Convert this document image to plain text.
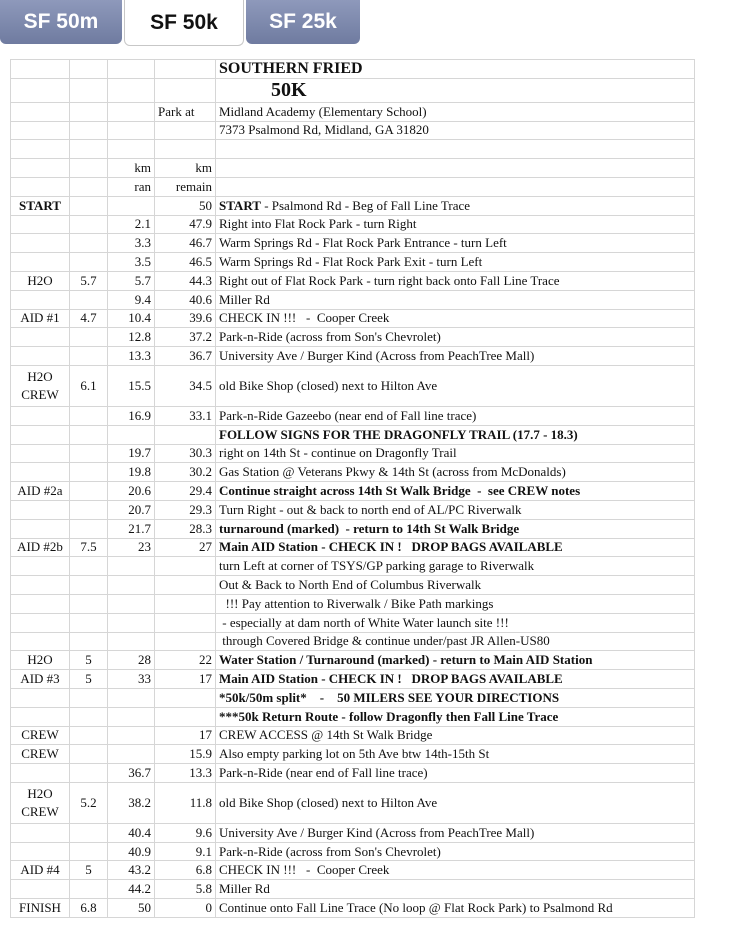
SF 50m	SF 50k	SF 25k
				SOUTHERN FRIED
				50K
			Park at	Midland Academy (Elementary School)
				7373 Psalmond Rd, Midland, GA 31820

		km	km	
		ran	remain	
START			50	START - Psalmond Rd - Beg of Fall Line Trace
		2.1	47.9	Right into Flat Rock Park - turn Right
		3.3	46.7	Warm Springs Rd - Flat Rock Park Entrance - turn Left
		3.5	46.5	Warm Springs Rd - Flat Rock Park Exit - turn Left
H2O	5.7	5.7	44.3	Right out of Flat Rock Park - turn right back onto Fall Line Trace
		9.4	40.6	Miller Rd
AID #1	4.7	10.4	39.6	CHECK IN !!!   -  Cooper Creek
		12.8	37.2	Park-n-Ride (across from Son's Chevrolet)
		13.3	36.7	University Ave / Burger Kind (Across from PeachTree Mall)
H2O CREW	6.1	15.5	34.5	old Bike Shop (closed) next to Hilton Ave
		16.9	33.1	Park-n-Ride Gazeebo (near end of Fall line trace)
				FOLLOW SIGNS FOR THE DRAGONFLY TRAIL (17.7 - 18.3)
		19.7	30.3	right on 14th St - continue on Dragonfly Trail
		19.8	30.2	Gas Station @ Veterans Pkwy & 14th St (across from McDonalds)
AID #2a		20.6	29.4	Continue straight across 14th St Walk Bridge  -  see CREW notes
		20.7	29.3	Turn Right - out & back to north end of AL/PC Riverwalk
		21.7	28.3	turnaround (marked)  - return to 14th St Walk Bridge
AID #2b	7.5	23	27	Main AID Station - CHECK IN !   DROP BAGS AVAILABLE
				turn Left at corner of TSYS/GP parking garage to Riverwalk
				Out & Back to North End of Columbus Riverwalk
				!!! Pay attention to Riverwalk / Bike Path markings
				- especially at dam north of White Water launch site !!!
				through Covered Bridge & continue under/past JR Allen-US80
H2O	5	28	22	Water Station / Turnaround (marked) - return to Main AID Station
AID #3	5	33	17	Main AID Station - CHECK IN !   DROP BAGS AVAILABLE
				*50k/50m split*    -    50 MILERS SEE YOUR DIRECTIONS
				***50k Return Route - follow Dragonfly then Fall Line Trace
CREW			17	CREW ACCESS @ 14th St Walk Bridge
CREW			15.9	Also empty parking lot on 5th Ave btw 14th-15th St
		36.7	13.3	Park-n-Ride (near end of Fall line trace)
H2O CREW	5.2	38.2	11.8	old Bike Shop (closed) next to Hilton Ave
		40.4	9.6	University Ave / Burger Kind (Across from PeachTree Mall)
		40.9	9.1	Park-n-Ride (across from Son's Chevrolet)
AID #4	5	43.2	6.8	CHECK IN !!!   -  Cooper Creek
		44.2	5.8	Miller Rd
FINISH	6.8	50	0	Continue onto Fall Line Trace (No loop @ Flat Rock Park) to Psalmond Rd
